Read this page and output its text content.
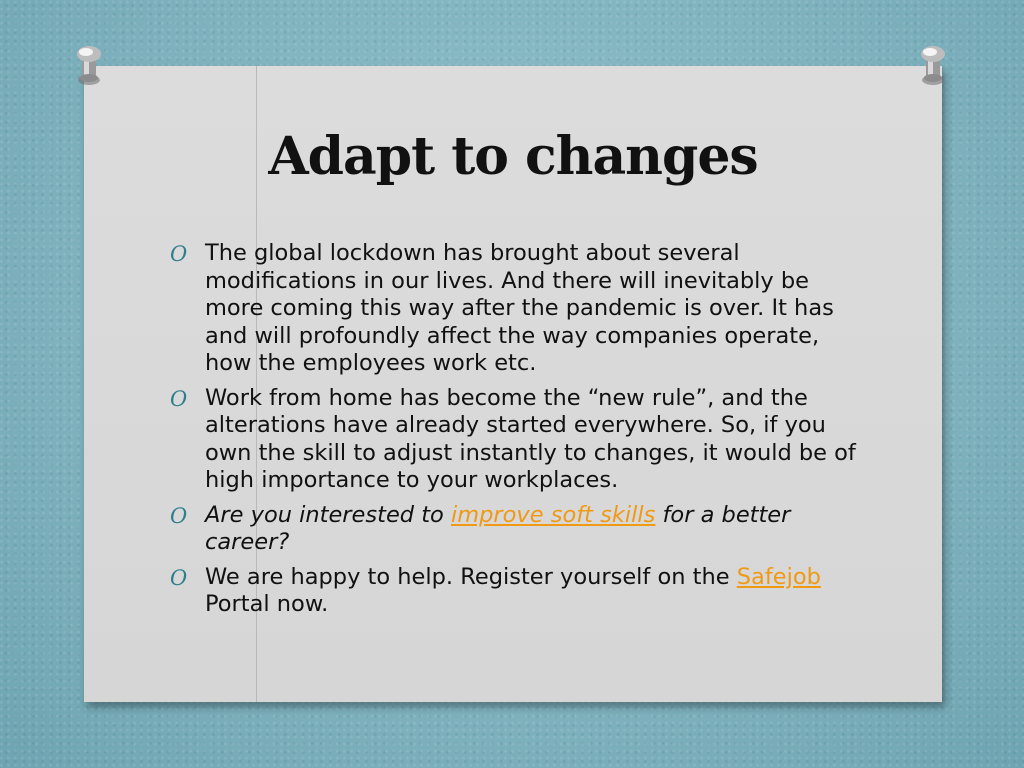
Adapt to changes
O The global lockdown has brought about several modifications in our lives. And there will inevitably be more coming this way after the pandemic is over. It has and will profoundly affect the way companies operate, how the employees work etc.
O Work from home has become the “new rule”, and the alterations have already started everywhere. So, if you own the skill to adjust instantly to changes, it would be of high importance to your workplaces.
O Are you interested to improve soft skills for a better career?
O We are happy to help. Register yourself on the Safejob Portal now.
